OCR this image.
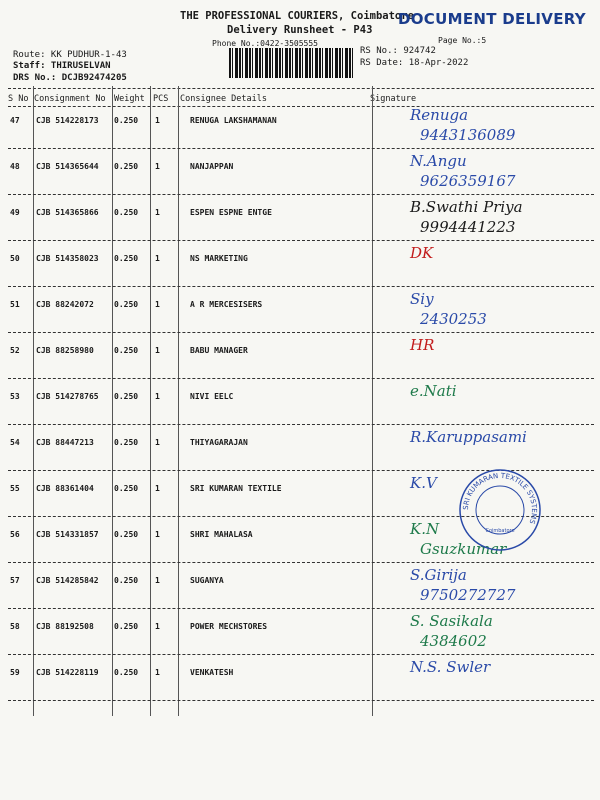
THE PROFESSIONAL COURIERS, Coimbatore
Delivery Runsheet - P43
Phone No.:0422-3505555
DOCUMENT DELIVERY
Page No.:5
Route: KK PUDHUR-1-43
Staff: THIRUSELVAN
DRS No.: DCJB92474205
RS No.: 924742
RS Date: 18-Apr-2022
S No Consignment No Weight PCS Consignee Details	Signature
47 CJB 514228173 0.250 1	RENUGA LAKSHAMANAN	Renuga
9443136089
48 CJB 514365644 0.250 1	NANJAPPAN	N.Angu
9626359167
49 CJB 514365866 0.250 1	ESPEN ESPNE ENTGE	B.Swathi Priya
9994441223
50 CJB 514358023 0.250 1	NS MARKETING	DK
51 CJB 88242072	0.250 1	A R MERCESISERS	Siy
2430253
52 CJB 88258980	0.250 1	BABU MANAGER	HR
53 CJB 514278765 0.250 1	NIVI EELC	e.Nati
54 CJB 88447213	0.250 1	THIYAGARAJAN	R.Karuppasami
55 CJB 88361404	0.250 1	SRI KUMARAN TEXTILE	K.V
56 CJB 514331857 0.250 1	SHRI MAHALASA	K.N
Gsuzkumar
57 CJB 514285842 0.250 1	SUGANYA	S.Girija
9750272727
58 CJB 88192508	0.250 1	POWER MECHSTORES	S. Sasikala
4384602
59 CJB 514228119 0.250 1	VENKATESH	N.S. Swler
SRI KUMARAN TEXTILE SYSTEMS
Coimbatore
